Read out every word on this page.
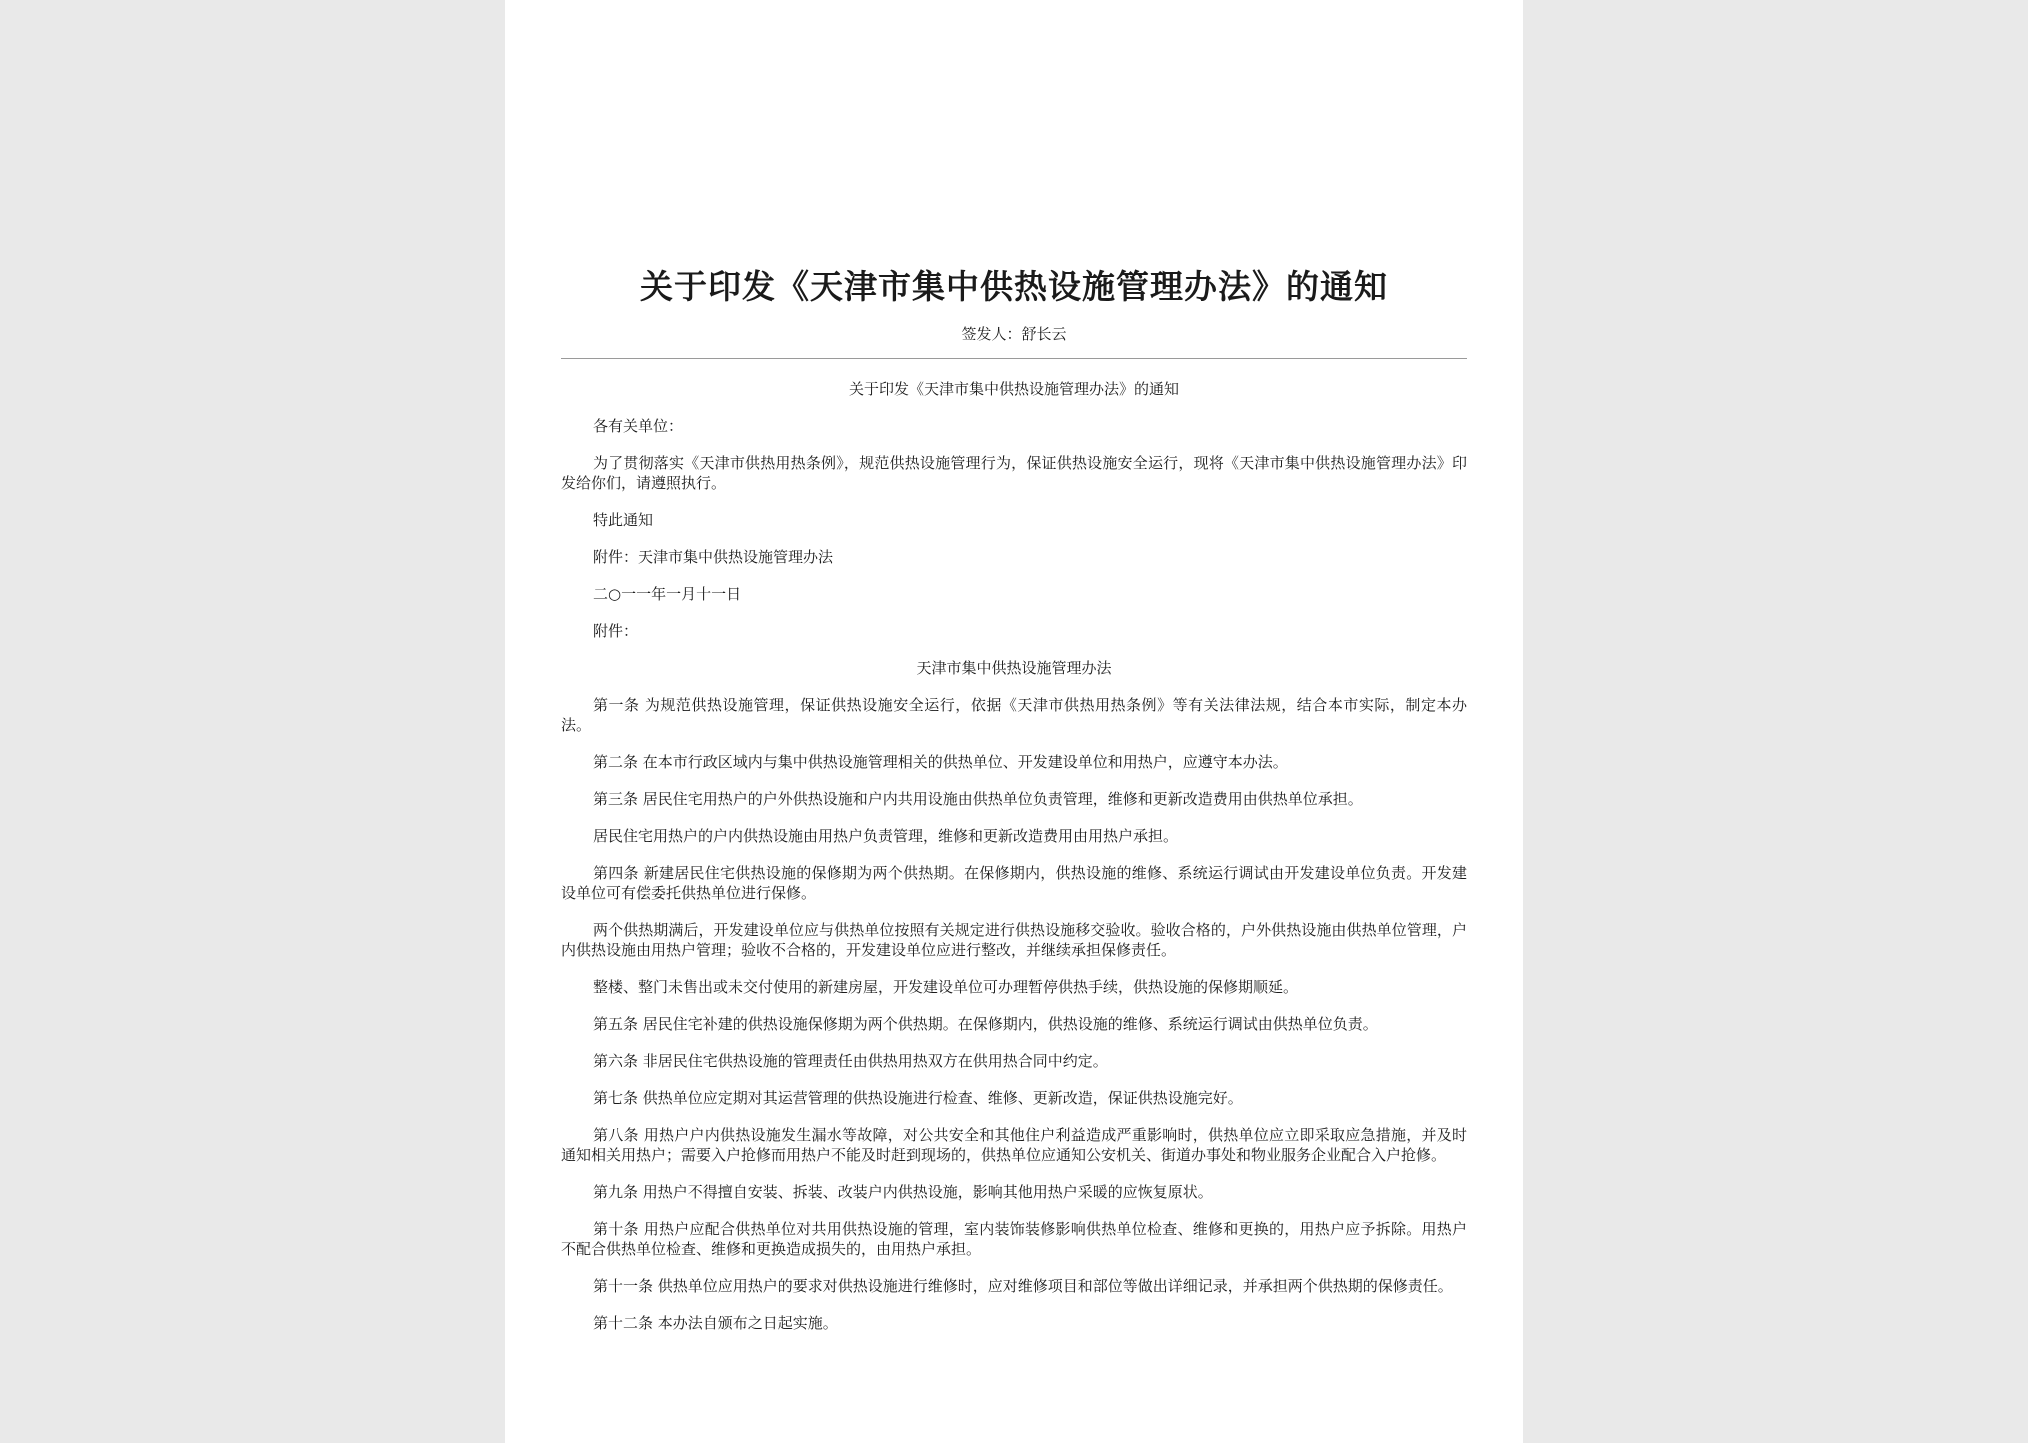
关于印发《天津市集中供热设施管理办法》的通知
签发人：舒长云
关于印发《天津市集中供热设施管理办法》的通知

各有关单位：

为了贯彻落实《天津市供热用热条例》，规范供热设施管理行为，保证供热设施安全运行，现将《天津市集中供热设施管理办法》印发给你们，请遵照执行。

特此通知

附件：天津市集中供热设施管理办法

二○一一年一月十一日

附件：

天津市集中供热设施管理办法

第一条 为规范供热设施管理，保证供热设施安全运行，依据《天津市供热用热条例》等有关法律法规，结合本市实际，制定本办法。

第二条 在本市行政区域内与集中供热设施管理相关的供热单位、开发建设单位和用热户，应遵守本办法。

第三条 居民住宅用热户的户外供热设施和户内共用设施由供热单位负责管理，维修和更新改造费用由供热单位承担。

居民住宅用热户的户内供热设施由用热户负责管理，维修和更新改造费用由用热户承担。

第四条 新建居民住宅供热设施的保修期为两个供热期。在保修期内，供热设施的维修、系统运行调试由开发建设单位负责。开发建设单位可有偿委托供热单位进行保修。

两个供热期满后，开发建设单位应与供热单位按照有关规定进行供热设施移交验收。验收合格的，户外供热设施由供热单位管理，户内供热设施由用热户管理；验收不合格的，开发建设单位应进行整改，并继续承担保修责任。

整楼、整门未售出或未交付使用的新建房屋，开发建设单位可办理暂停供热手续，供热设施的保修期顺延。

第五条 居民住宅补建的供热设施保修期为两个供热期。在保修期内，供热设施的维修、系统运行调试由供热单位负责。

第六条 非居民住宅供热设施的管理责任由供热用热双方在供用热合同中约定。

第七条 供热单位应定期对其运营管理的供热设施进行检查、维修、更新改造，保证供热设施完好。

第八条 用热户户内供热设施发生漏水等故障，对公共安全和其他住户利益造成严重影响时，供热单位应立即采取应急措施，并及时通知相关用热户；需要入户抢修而用热户不能及时赶到现场的，供热单位应通知公安机关、街道办事处和物业服务企业配合入户抢修。

第九条 用热户不得擅自安装、拆装、改装户内供热设施，影响其他用热户采暖的应恢复原状。

第十条 用热户应配合供热单位对共用供热设施的管理，室内装饰装修影响供热单位检查、维修和更换的，用热户应予拆除。用热户不配合供热单位检查、维修和更换造成损失的，由用热户承担。

第十一条 供热单位应用热户的要求对供热设施进行维修时，应对维修项目和部位等做出详细记录，并承担两个供热期的保修责任。

第十二条 本办法自颁布之日起实施。
